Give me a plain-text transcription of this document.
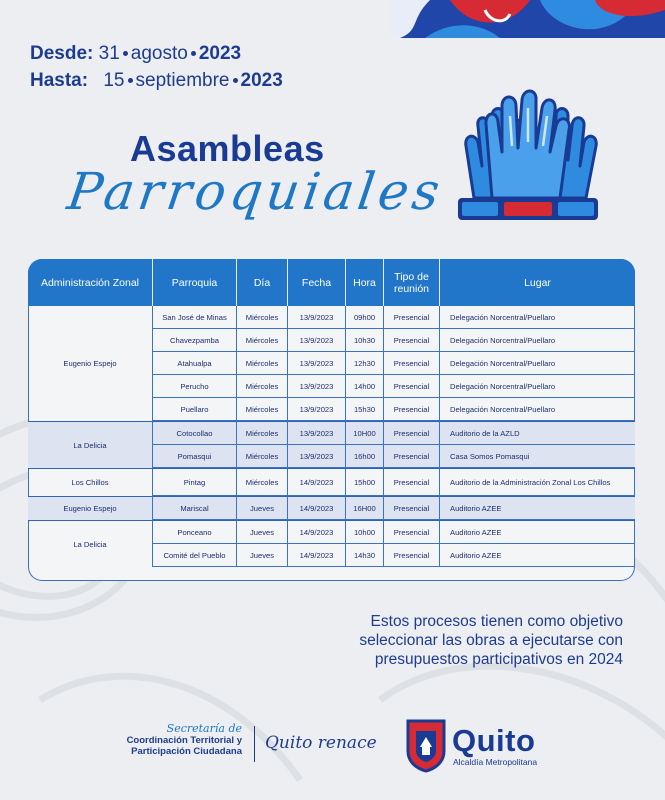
Desde: 31 agosto 2023
Hasta: 15 septiembre 2023
Asambleas
Parroquiales
Administración Zonal	Parroquia	Día	Fecha	Hora	Tipo de reunión	Lugar
Eugenio Espejo	San José de Minas	Miércoles	13/9/2023	09h00	Presencial	Delegación Norcentral/Puellaro
	Chavezpamba	Miércoles	13/9/2023	10h30	Presencial	Delegación Norcentral/Puellaro
	Atahualpa	Miércoles	13/9/2023	12h30	Presencial	Delegación Norcentral/Puellaro
	Perucho	Miércoles	13/9/2023	14h00	Presencial	Delegación Norcentral/Puellaro
	Puellaro	Miércoles	13/9/2023	15h30	Presencial	Delegación Norcentral/Puellaro
La Delicia	Cotocollao	Miércoles	13/9/2023	10H00	Presencial	Auditorio de la AZLD
	Pomasqui	Miércoles	13/9/2023	16h00	Presencial	Casa Somos Pomasqui
Los Chillos	Pintag	Miércoles	14/9/2023	15h00	Presencial	Auditorio de la Administración Zonal Los Chillos
Eugenio Espejo	Mariscal	Jueves	14/9/2023	16H00	Presencial	Auditorio AZEE
La Delicia	Ponceano	Jueves	14/9/2023	10h00	Presencial	Auditorio AZEE
	Comité del Pueblo	Jueves	14/9/2023	14h30	Presencial	Auditorio AZEE
Estos procesos tienen como objetivo seleccionar las obras a ejecutarse con presupuestos participativos en 2024
Secretaría de
Coordinación Territorial y Participación Ciudadana Quito renace Quito
Alcaldía Metropolitana
